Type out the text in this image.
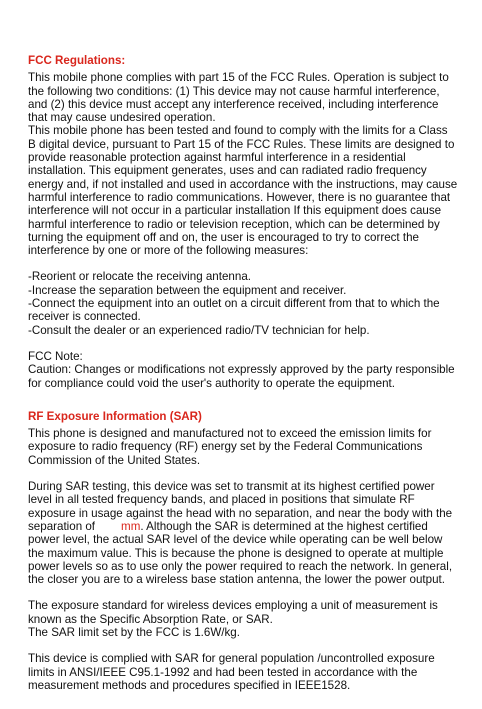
FCC Regulations:

This mobile phone complies with part 15 of the FCC Rules. Operation is subject to the following two conditions: (1) This device may not cause harmful interference, and (2) this device must accept any interference received, including interference that may cause undesired operation.

This mobile phone has been tested and found to comply with the limits for a Class B digital device, pursuant to Part 15 of the FCC Rules. These limits are designed to provide reasonable protection against harmful interference in a residential installation. This equipment generates, uses and can radiated radio frequency energy and, if not installed and used in accordance with the instructions, may cause harmful interference to radio communications. However, there is no guarantee that interference will not occur in a particular installation If this equipment does cause harmful interference to radio or television reception, which can be determined by turning the equipment off and on, the user is encouraged to try to correct the interference by one or more of the following measures:

-Reorient or relocate the receiving antenna.

-Increase the separation between the equipment and receiver.

-Connect the equipment into an outlet on a circuit different from that to which the receiver is connected.

-Consult the dealer or an experienced radio/TV technician for help.

FCC Note:

Caution: Changes or modifications not expressly approved by the party responsible for compliance could void the user's authority to operate the equipment.

RF Exposure Information (SAR)

This phone is designed and manufactured not to exceed the emission limits for exposure to radio frequency (RF) energy set by the Federal Communications Commission of the United States.

During SAR testing, this device was set to transmit at its highest certified power level in all tested frequency bands, and placed in positions that simulate RF exposure in usage against the head with no separation, and near the body with the separation of mm. Although the SAR is determined at the highest certified power level, the actual SAR level of the device while operating can be well below the maximum value. This is because the phone is designed to operate at multiple power levels so as to use only the power required to reach the network. In general, the closer you are to a wireless base station antenna, the lower the power output.

The exposure standard for wireless devices employing a unit of measurement is known as the Specific Absorption Rate, or SAR.

The SAR limit set by the FCC is 1.6W/kg.

This device is complied with SAR for general population /uncontrolled exposure limits in ANSI/IEEE C95.1-1992 and had been tested in accordance with the measurement methods and procedures specified in IEEE1528.
